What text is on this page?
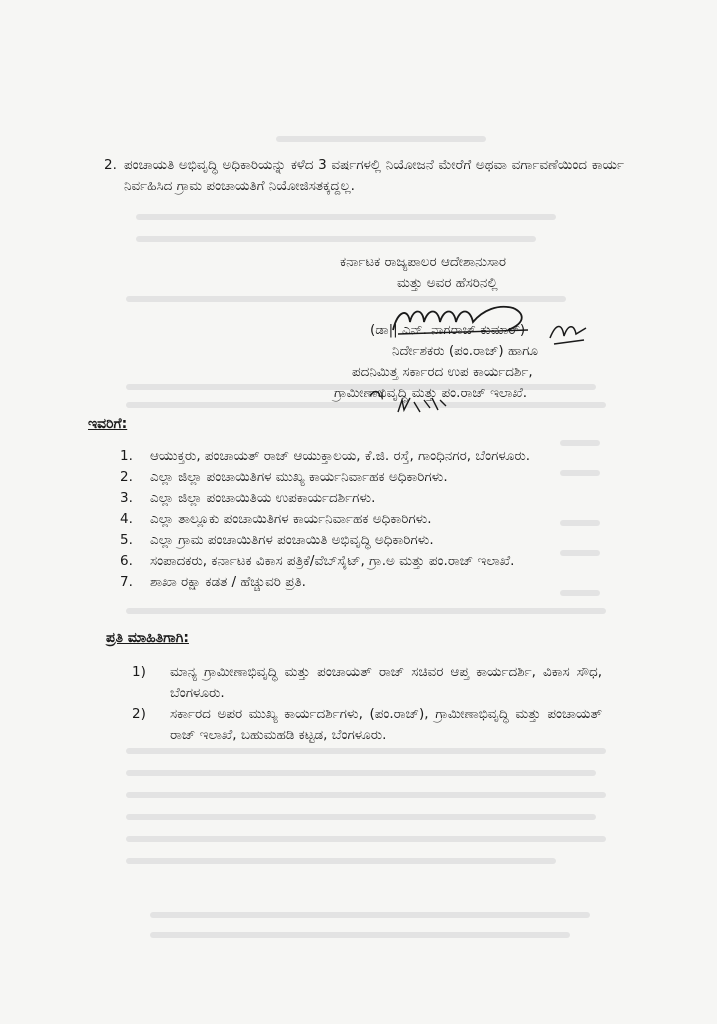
2. ಪಂಚಾಯತಿ ಅಭಿವೃದ್ಧಿ ಅಧಿಕಾರಿಯನ್ನು ಕಳೆದ 3 ವರ್ಷಗಳಲ್ಲಿ ನಿಯೋಜನೆ ಮೇರೆಗೆ ಅಥವಾ ವರ್ಗಾವಣೆಯಿಂದ ಕಾರ್ಯ ನಿರ್ವಹಿಸಿದ ಗ್ರಾಮ ಪಂಚಾಯತಿಗೆ ನಿಯೋಜಿಸತಕ್ಕದ್ದಲ್ಲ.
ಕರ್ನಾಟಕ ರಾಜ್ಯಪಾಲರ ಆದೇಶಾನುಸಾರ
ಮತ್ತು ಅವರ ಹೆಸರಿನಲ್ಲಿ
(ಡಾ|| ಎನ್. ನಾಗರಾಜ್ ಕುಮಾರ್)
ನಿರ್ದೇಶಕರು (ಪಂ.ರಾಜ್) ಹಾಗೂ
ಪದನಿಮಿತ್ತ ಸರ್ಕಾರದ ಉಪ ಕಾರ್ಯದರ್ಶಿ,
ಗ್ರಾಮೀಣಾಭಿವೃದ್ಧಿ ಮತ್ತು ಪಂ.ರಾಜ್ ಇಲಾಖೆ.
ಇವರಿಗೆ:
1. ಆಯುಕ್ತರು, ಪಂಚಾಯತ್ ರಾಜ್ ಆಯುಕ್ತಾಲಯ, ಕೆ.ಜಿ. ರಸ್ತೆ, ಗಾಂಧಿನಗರ, ಬೆಂಗಳೂರು.
2. ಎಲ್ಲಾ ಜಿಲ್ಲಾ ಪಂಚಾಯಿತಿಗಳ ಮುಖ್ಯ ಕಾರ್ಯನಿರ್ವಾಹಕ ಅಧಿಕಾರಿಗಳು.
3. ಎಲ್ಲಾ ಜಿಲ್ಲಾ ಪಂಚಾಯಿತಿಯ ಉಪಕಾರ್ಯದರ್ಶಿಗಳು.
4. ಎಲ್ಲಾ ತಾಲ್ಲೂಕು ಪಂಚಾಯಿತಿಗಳ ಕಾರ್ಯನಿರ್ವಾಹಕ ಅಧಿಕಾರಿಗಳು.
5. ಎಲ್ಲಾ ಗ್ರಾಮ ಪಂಚಾಯಿತಿಗಳ ಪಂಚಾಯಿತಿ ಅಭಿವೃದ್ಧಿ ಅಧಿಕಾರಿಗಳು.
6. ಸಂಪಾದಕರು, ಕರ್ನಾಟಕ ವಿಕಾಸ ಪತ್ರಿಕೆ/ವೆಬ್‌ಸೈಟ್, ಗ್ರಾ.ಅ ಮತ್ತು ಪಂ.ರಾಜ್ ಇಲಾಖೆ.
7. ಶಾಖಾ ರಕ್ಷಾ ಕಡತ / ಹೆಚ್ಚುವರಿ ಪ್ರತಿ.
ಪ್ರತಿ ಮಾಹಿತಿಗಾಗಿ:
1) ಮಾನ್ಯ ಗ್ರಾಮೀಣಾಭಿವೃದ್ಧಿ ಮತ್ತು ಪಂಚಾಯತ್ ರಾಜ್ ಸಚಿವರ ಆಪ್ತ ಕಾರ್ಯದರ್ಶಿ, ವಿಕಾಸ ಸೌಧ, ಬೆಂಗಳೂರು.
2) ಸರ್ಕಾರದ ಅಪರ ಮುಖ್ಯ ಕಾರ್ಯದರ್ಶಿಗಳು, (ಪಂ.ರಾಜ್), ಗ್ರಾಮೀಣಾಭಿವೃದ್ಧಿ ಮತ್ತು ಪಂಚಾಯತ್ ರಾಜ್ ಇಲಾಖೆ, ಬಹುಮಹಡಿ ಕಟ್ಟಡ, ಬೆಂಗಳೂರು.
